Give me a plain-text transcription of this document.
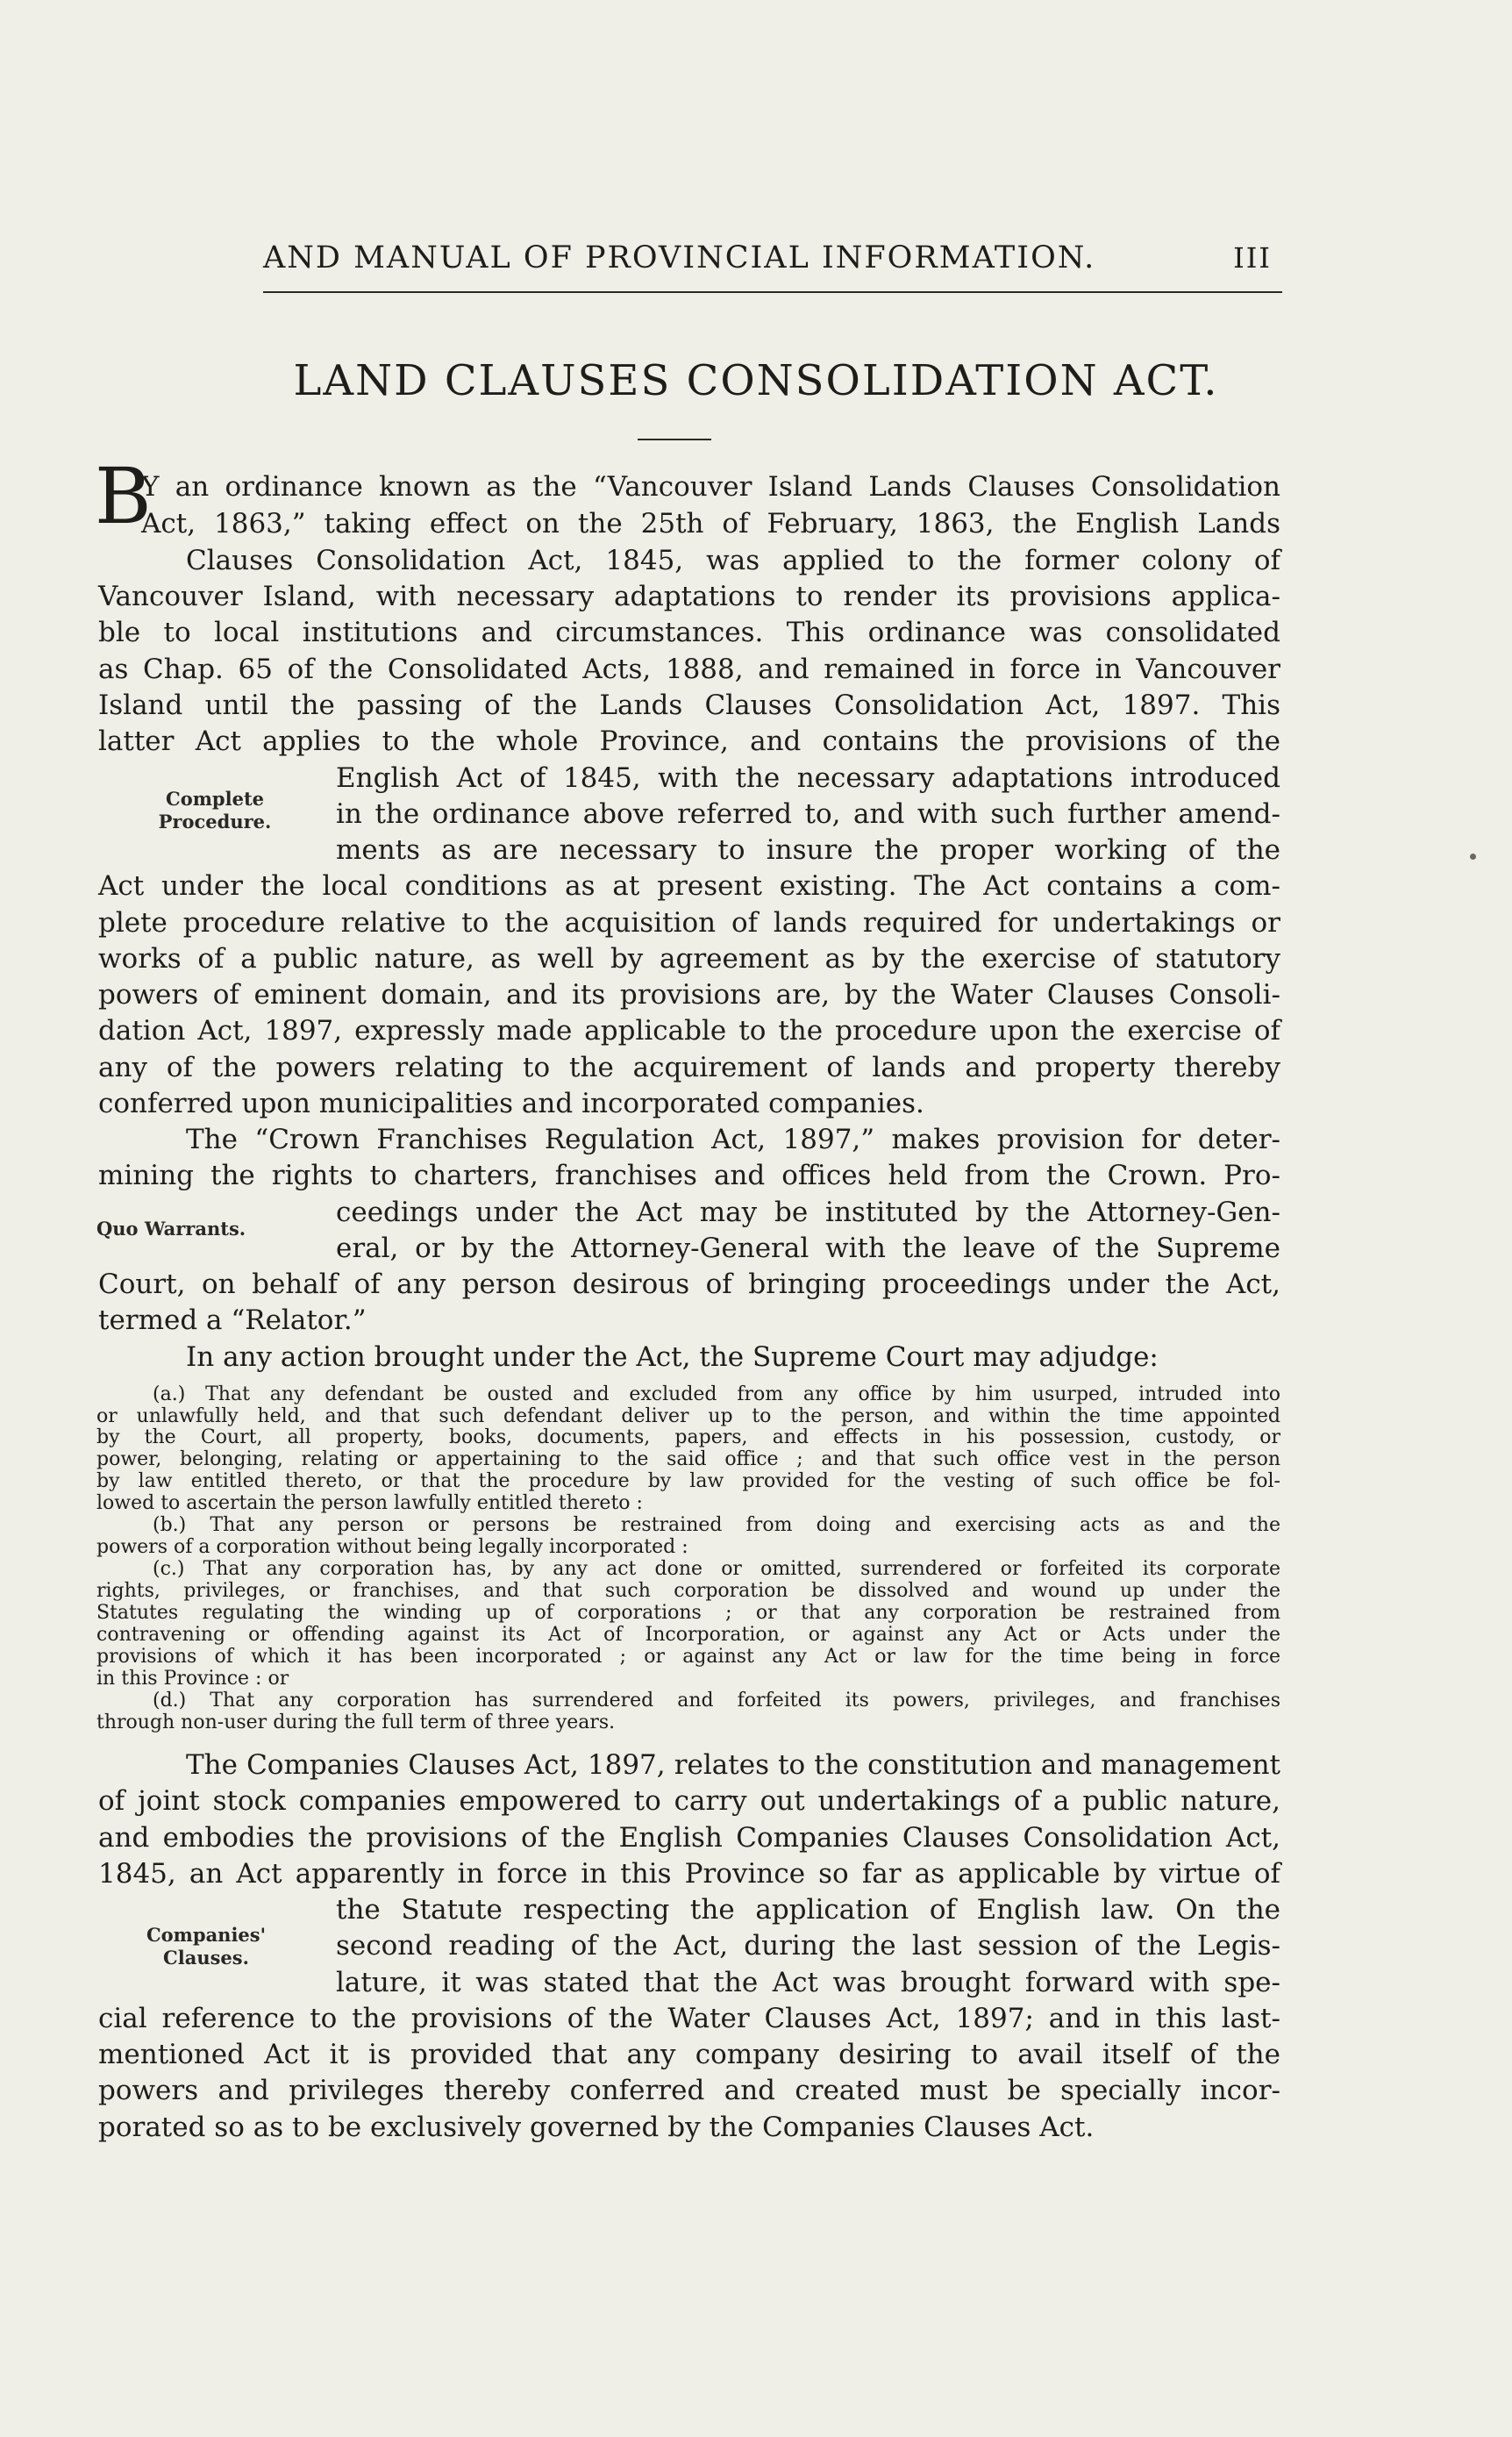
AND MANUAL OF PROVINCIAL INFORMATION.	III
LAND CLAUSES CONSOLIDATION ACT.
B
Y an ordinance known as the “Vancouver Island Lands Clauses Consolidation
Act, 1863,” taking effect on the 25th of February, 1863, the English Lands
Clauses Consolidation Act, 1845, was applied to the former colony of
Vancouver Island, with necessary adaptations to render its provisions applica-
ble to local institutions and circumstances. This ordinance was consolidated
as Chap. 65 of the Consolidated Acts, 1888, and remained in force in Vancouver
Island until the passing of the Lands Clauses Consolidation Act, 1897. This
latter Act applies to the whole Province, and contains the provisions of the
English Act of 1845, with the necessary adaptations introduced
in the ordinance above referred to, and with such further amend-
ments as are necessary to insure the proper working of the
Act under the local conditions as at present existing. The Act contains a com-
plete procedure relative to the acquisition of lands required for undertakings or
works of a public nature, as well by agreement as by the exercise of statutory
powers of eminent domain, and its provisions are, by the Water Clauses Consoli-
dation Act, 1897, expressly made applicable to the procedure upon the exercise of
any of the powers relating to the acquirement of lands and property thereby
conferred upon municipalities and incorporated companies.
Complete
Procedure.
The “Crown Franchises Regulation Act, 1897,” makes provision for deter-
mining the rights to charters, franchises and offices held from the Crown. Pro-
ceedings under the Act may be instituted by the Attorney-Gen-
eral, or by the Attorney-General with the leave of the Supreme
Court, on behalf of any person desirous of bringing proceedings under the Act,
termed a “Relator.”
Quo Warrants.
In any action brought under the Act, the Supreme Court may adjudge:
(a.) That any defendant be ousted and excluded from any office by him usurped, intruded into
or unlawfully held, and that such defendant deliver up to the person, and within the time appointed
by the Court, all property, books, documents, papers, and effects in his possession, custody, or
power, belonging, relating or appertaining to the said office ; and that such office vest in the person
by law entitled thereto, or that the procedure by law provided for the vesting of such office be fol-
lowed to ascertain the person lawfully entitled thereto :
(b.) That any person or persons be restrained from doing and exercising acts as and the
powers of a corporation without being legally incorporated :
(c.) That any corporation has, by any act done or omitted, surrendered or forfeited its corporate
rights, privileges, or franchises, and that such corporation be dissolved and wound up under the
Statutes regulating the winding up of corporations ; or that any corporation be restrained from
contravening or offending against its Act of Incorporation, or against any Act or Acts under the
provisions of which it has been incorporated ; or against any Act or law for the time being in force
in this Province : or
(d.) That any corporation has surrendered and forfeited its powers, privileges, and franchises
through non-user during the full term of three years.
The Companies Clauses Act, 1897, relates to the constitution and management
of joint stock companies empowered to carry out undertakings of a public nature,
and embodies the provisions of the English Companies Clauses Consolidation Act,
1845, an Act apparently in force in this Province so far as applicable by virtue of
the Statute respecting the application of English law. On the
second reading of the Act, during the last session of the Legis-
lature, it was stated that the Act was brought forward with spe-
cial reference to the provisions of the Water Clauses Act, 1897; and in this last-
mentioned Act it is provided that any company desiring to avail itself of the
powers and privileges thereby conferred and created must be specially incor-
porated so as to be exclusively governed by the Companies Clauses Act.
Companies'
Clauses.
